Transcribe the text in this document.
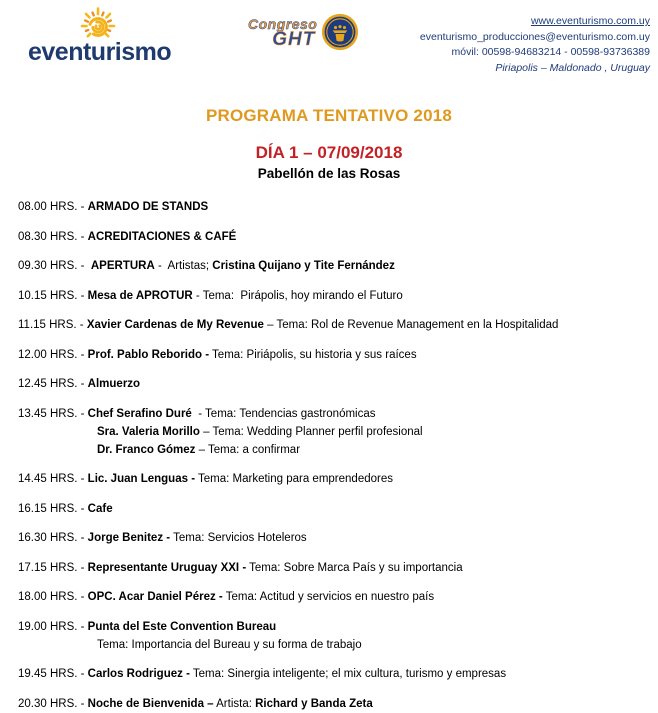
eventurismo
Congreso
GHT
www.eventurismo.com.uy
eventurismo_producciones@eventurismo.com.uy
móvil: 00598-94683214 - 00598-93736389
Piriapolis – Maldonado , Uruguay
PROGRAMA TENTATIVO 2018
DÍA 1 – 07/09/2018
Pabellón de las Rosas
08.00 HRS. - ARMADO DE STANDS
08.30 HRS. - ACREDITACIONES & CAFÉ
09.30 HRS. -  APERTURA -  Artistas; Cristina Quijano y Tite Fernández
10.15 HRS. - Mesa de APROTUR - Tema:  Pirápolis, hoy mirando el Futuro
11.15 HRS. - Xavier Cardenas de My Revenue – Tema: Rol de Revenue Management en la Hospitalidad
12.00 HRS. - Prof. Pablo Reborido - Tema: Piriápolis, su historia y sus raíces
12.45 HRS. - Almuerzo
13.45 HRS. - Chef Serafino Duré  - Tema: Tendencias gastronómicas
Sra. Valeria Morillo – Tema: Wedding Planner perfil profesional
Dr. Franco Gómez – Tema: a confirmar
14.45 HRS. - Lic. Juan Lenguas - Tema: Marketing para emprendedores
16.15 HRS. - Cafe
16.30 HRS. - Jorge Benitez - Tema: Servicios Hoteleros
17.15 HRS. - Representante Uruguay XXI - Tema: Sobre Marca País y su importancia
18.00 HRS. - OPC. Acar Daniel Pérez - Tema: Actitud y servicios en nuestro país
19.00 HRS. - Punta del Este Convention Bureau
Tema: Importancia del Bureau y su forma de trabajo
19.45 HRS. - Carlos Rodriguez - Tema: Sinergia inteligente; el mix cultura, turismo y empresas
20.30 HRS. - Noche de Bienvenida – Artista: Richard y Banda Zeta
